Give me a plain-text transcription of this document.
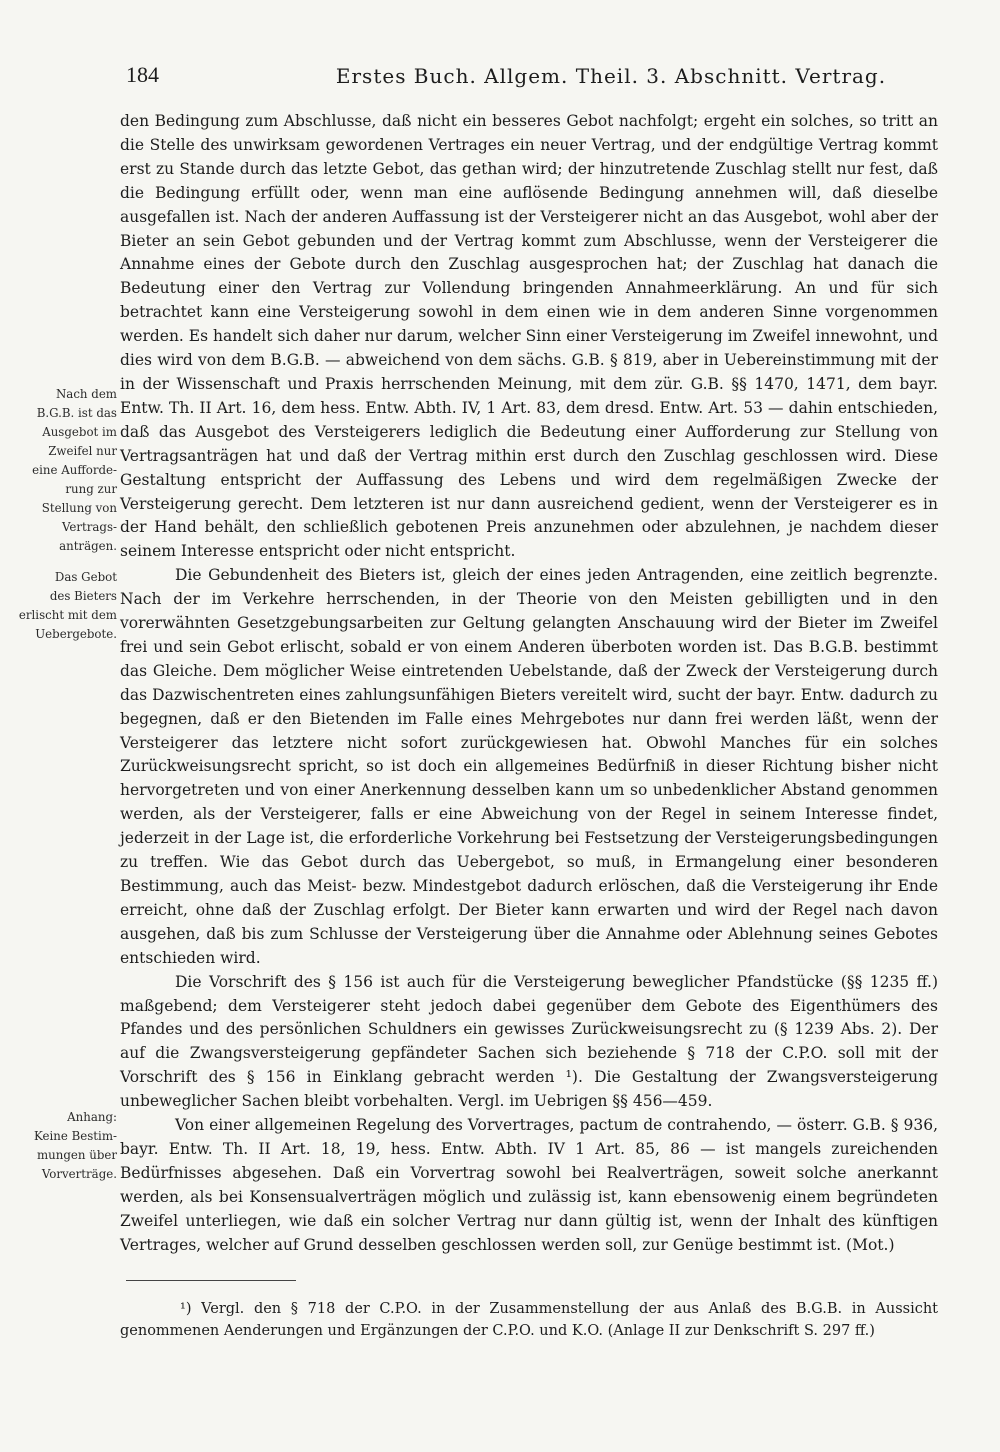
184	Erstes Buch. Allgem. Theil. 3. Abschnitt. Vertrag.
Nach dem
B.G.B. ist das
Ausgebot im
Zweifel nur
eine Aufforde-
rung zur
Stellung von
Vertrags-
anträgen.
Das Gebot
des Bieters
erlischt mit dem
Uebergebote.
Anhang:
Keine Bestim-
mungen über
Vorverträge.

den Bedingung zum Abschlusse, daß nicht ein besseres Gebot nachfolgt; ergeht ein solches, so tritt an die Stelle des unwirksam gewordenen Vertrages ein neuer Vertrag, und der endgültige Vertrag kommt erst zu Stande durch das letzte Gebot, das gethan wird; der hinzutretende Zuschlag stellt nur fest, daß die Bedingung erfüllt oder, wenn man eine auflösende Bedingung annehmen will, daß dieselbe ausgefallen ist. Nach der anderen Auffassung ist der Versteigerer nicht an das Ausgebot, wohl aber der Bieter an sein Gebot gebunden und der Vertrag kommt zum Abschlusse, wenn der Versteigerer die Annahme eines der Gebote durch den Zuschlag ausgesprochen hat; der Zuschlag hat danach die Bedeutung einer den Vertrag zur Vollendung bringenden Annahmeerklärung. An und für sich betrachtet kann eine Versteigerung sowohl in dem einen wie in dem anderen Sinne vorgenommen werden. Es handelt sich daher nur darum, welcher Sinn einer Versteigerung im Zweifel innewohnt, und dies wird von dem B.G.B. — abweichend von dem sächs. G.B. § 819, aber in Uebereinstimmung mit der in der Wissenschaft und Praxis herrschenden Meinung, mit dem zür. G.B. §§ 1470, 1471, dem bayr. Entw. Th. II Art. 16, dem hess. Entw. Abth. IV, 1 Art. 83, dem dresd. Entw. Art. 53 — dahin entschieden, daß das Ausgebot des Versteigerers lediglich die Bedeutung einer Aufforderung zur Stellung von Vertragsanträgen hat und daß der Vertrag mithin erst durch den Zuschlag geschlossen wird. Diese Gestaltung entspricht der Auffassung des Lebens und wird dem regelmäßigen Zwecke der Versteigerung gerecht. Dem letzteren ist nur dann ausreichend gedient, wenn der Versteigerer es in der Hand behält, den schließlich gebotenen Preis anzunehmen oder abzulehnen, je nachdem dieser seinem Interesse entspricht oder nicht entspricht.

Die Gebundenheit des Bieters ist, gleich der eines jeden Antragenden, eine zeitlich begrenzte. Nach der im Verkehre herrschenden, in der Theorie von den Meisten gebilligten und in den vorerwähnten Gesetzgebungsarbeiten zur Geltung gelangten Anschauung wird der Bieter im Zweifel frei und sein Gebot erlischt, sobald er von einem Anderen überboten worden ist. Das B.G.B. bestimmt das Gleiche. Dem möglicher Weise eintretenden Uebelstande, daß der Zweck der Versteigerung durch das Dazwischentreten eines zahlungsunfähigen Bieters vereitelt wird, sucht der bayr. Entw. dadurch zu begegnen, daß er den Bietenden im Falle eines Mehrgebotes nur dann frei werden läßt, wenn der Versteigerer das letztere nicht sofort zurückgewiesen hat. Obwohl Manches für ein solches Zurückweisungsrecht spricht, so ist doch ein allgemeines Bedürfniß in dieser Richtung bisher nicht hervorgetreten und von einer Anerkennung desselben kann um so unbedenklicher Abstand genommen werden, als der Versteigerer, falls er eine Abweichung von der Regel in seinem Interesse findet, jederzeit in der Lage ist, die erforderliche Vorkehrung bei Festsetzung der Versteigerungsbedingungen zu treffen. Wie das Gebot durch das Uebergebot, so muß, in Ermangelung einer besonderen Bestimmung, auch das Meist- bezw. Mindestgebot dadurch erlöschen, daß die Versteigerung ihr Ende erreicht, ohne daß der Zuschlag erfolgt. Der Bieter kann erwarten und wird der Regel nach davon ausgehen, daß bis zum Schlusse der Versteigerung über die Annahme oder Ablehnung seines Gebotes entschieden wird.

Die Vorschrift des § 156 ist auch für die Versteigerung beweglicher Pfandstücke (§§ 1235 ff.) maßgebend; dem Versteigerer steht jedoch dabei gegenüber dem Gebote des Eigenthümers des Pfandes und des persönlichen Schuldners ein gewisses Zurückweisungsrecht zu (§ 1239 Abs. 2). Der auf die Zwangsversteigerung gepfändeter Sachen sich beziehende § 718 der C.P.O. soll mit der Vorschrift des § 156 in Einklang gebracht werden ¹). Die Gestaltung der Zwangsversteigerung unbeweglicher Sachen bleibt vorbehalten. Vergl. im Uebrigen §§ 456—459.

Von einer allgemeinen Regelung des Vorvertrages, pactum de contrahendo, — österr. G.B. § 936, bayr. Entw. Th. II Art. 18, 19, hess. Entw. Abth. IV 1 Art. 85, 86 — ist mangels zureichenden Bedürfnisses abgesehen. Daß ein Vorvertrag sowohl bei Realverträgen, soweit solche anerkannt werden, als bei Konsensualverträgen möglich und zulässig ist, kann ebensowenig einem begründeten Zweifel unterliegen, wie daß ein solcher Vertrag nur dann gültig ist, wenn der Inhalt des künftigen Vertrages, welcher auf Grund desselben geschlossen werden soll, zur Genüge bestimmt ist. (Mot.)

¹) Vergl. den § 718 der C.P.O. in der Zusammenstellung der aus Anlaß des B.G.B. in Aussicht genommenen Aenderungen und Ergänzungen der C.P.O. und K.O. (Anlage II zur Denkschrift S. 297 ff.)
